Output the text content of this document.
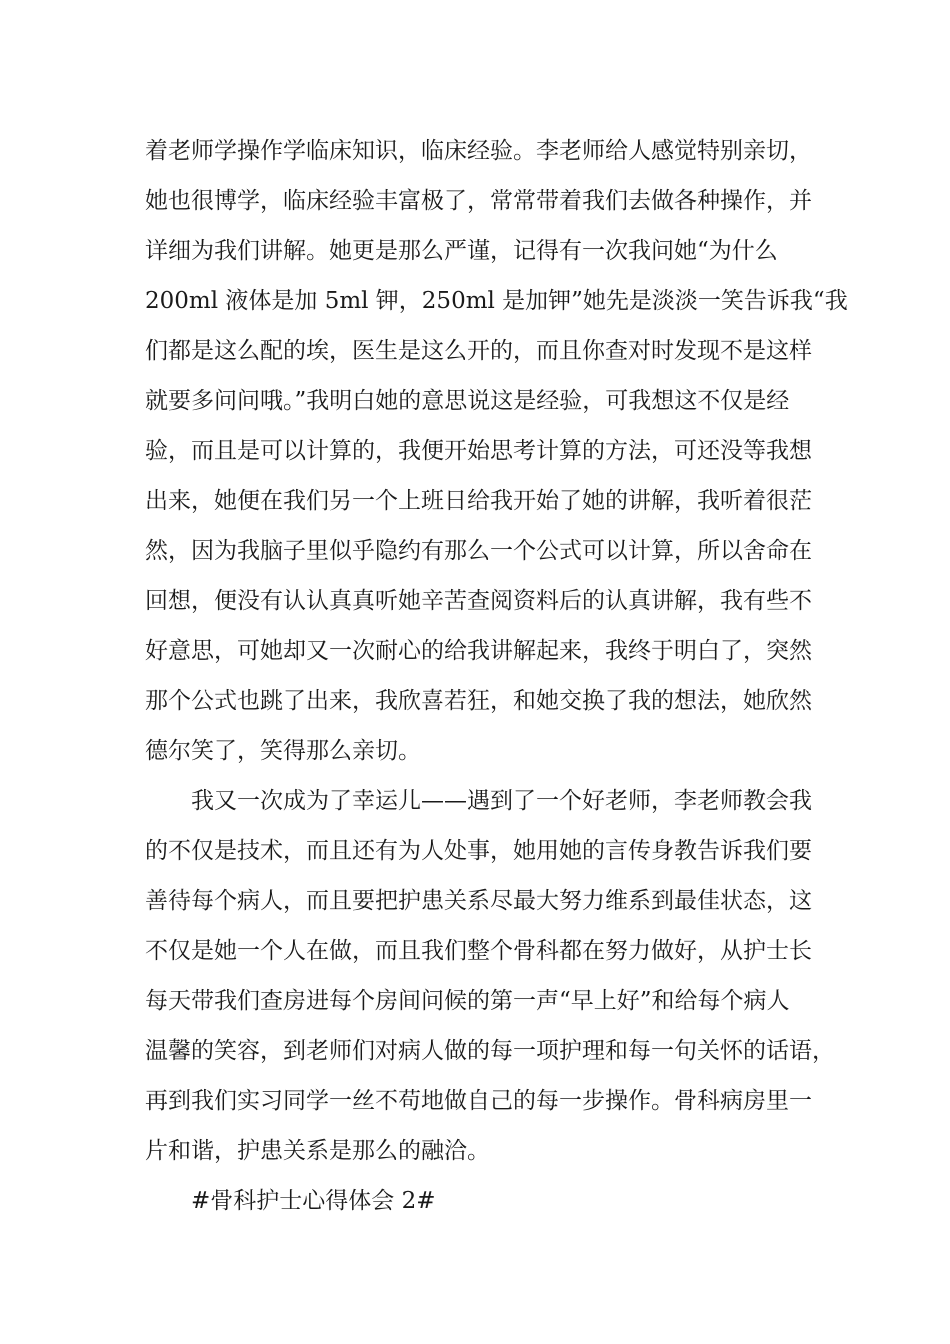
着老师学操作学临床知识，临床经验。李老师给人感觉特别亲切，
她也很博学，临床经验丰富极了，常常带着我们去做各种操作，并
详细为我们讲解。她更是那么严谨，记得有一次我问她“为什么
200ml 液体是加 5ml 钾，250ml 是加钾”她先是淡淡一笑告诉我“我
们都是这么配的埃，医生是这么开的，而且你查对时发现不是这样
就要多问问哦。”我明白她的意思说这是经验，可我想这不仅是经
验，而且是可以计算的，我便开始思考计算的方法，可还没等我想
出来，她便在我们另一个上班日给我开始了她的讲解，我听着很茫
然，因为我脑子里似乎隐约有那么一个公式可以计算，所以舍命在
回想，便没有认认真真听她辛苦查阅资料后的认真讲解，我有些不
好意思，可她却又一次耐心的给我讲解起来，我终于明白了，突然
那个公式也跳了出来，我欣喜若狂，和她交换了我的想法，她欣然
德尔笑了，笑得那么亲切。
我又一次成为了幸运儿——遇到了一个好老师，李老师教会我
的不仅是技术，而且还有为人处事，她用她的言传身教告诉我们要
善待每个病人，而且要把护患关系尽最大努力维系到最佳状态，这
不仅是她一个人在做，而且我们整个骨科都在努力做好，从护士长
每天带我们查房进每个房间问候的第一声“早上好”和给每个病人
温馨的笑容，到老师们对病人做的每一项护理和每一句关怀的话语，
再到我们实习同学一丝不苟地做自己的每一步操作。骨科病房里一
片和谐，护患关系是那么的融洽。
#骨科护士心得体会 2#
